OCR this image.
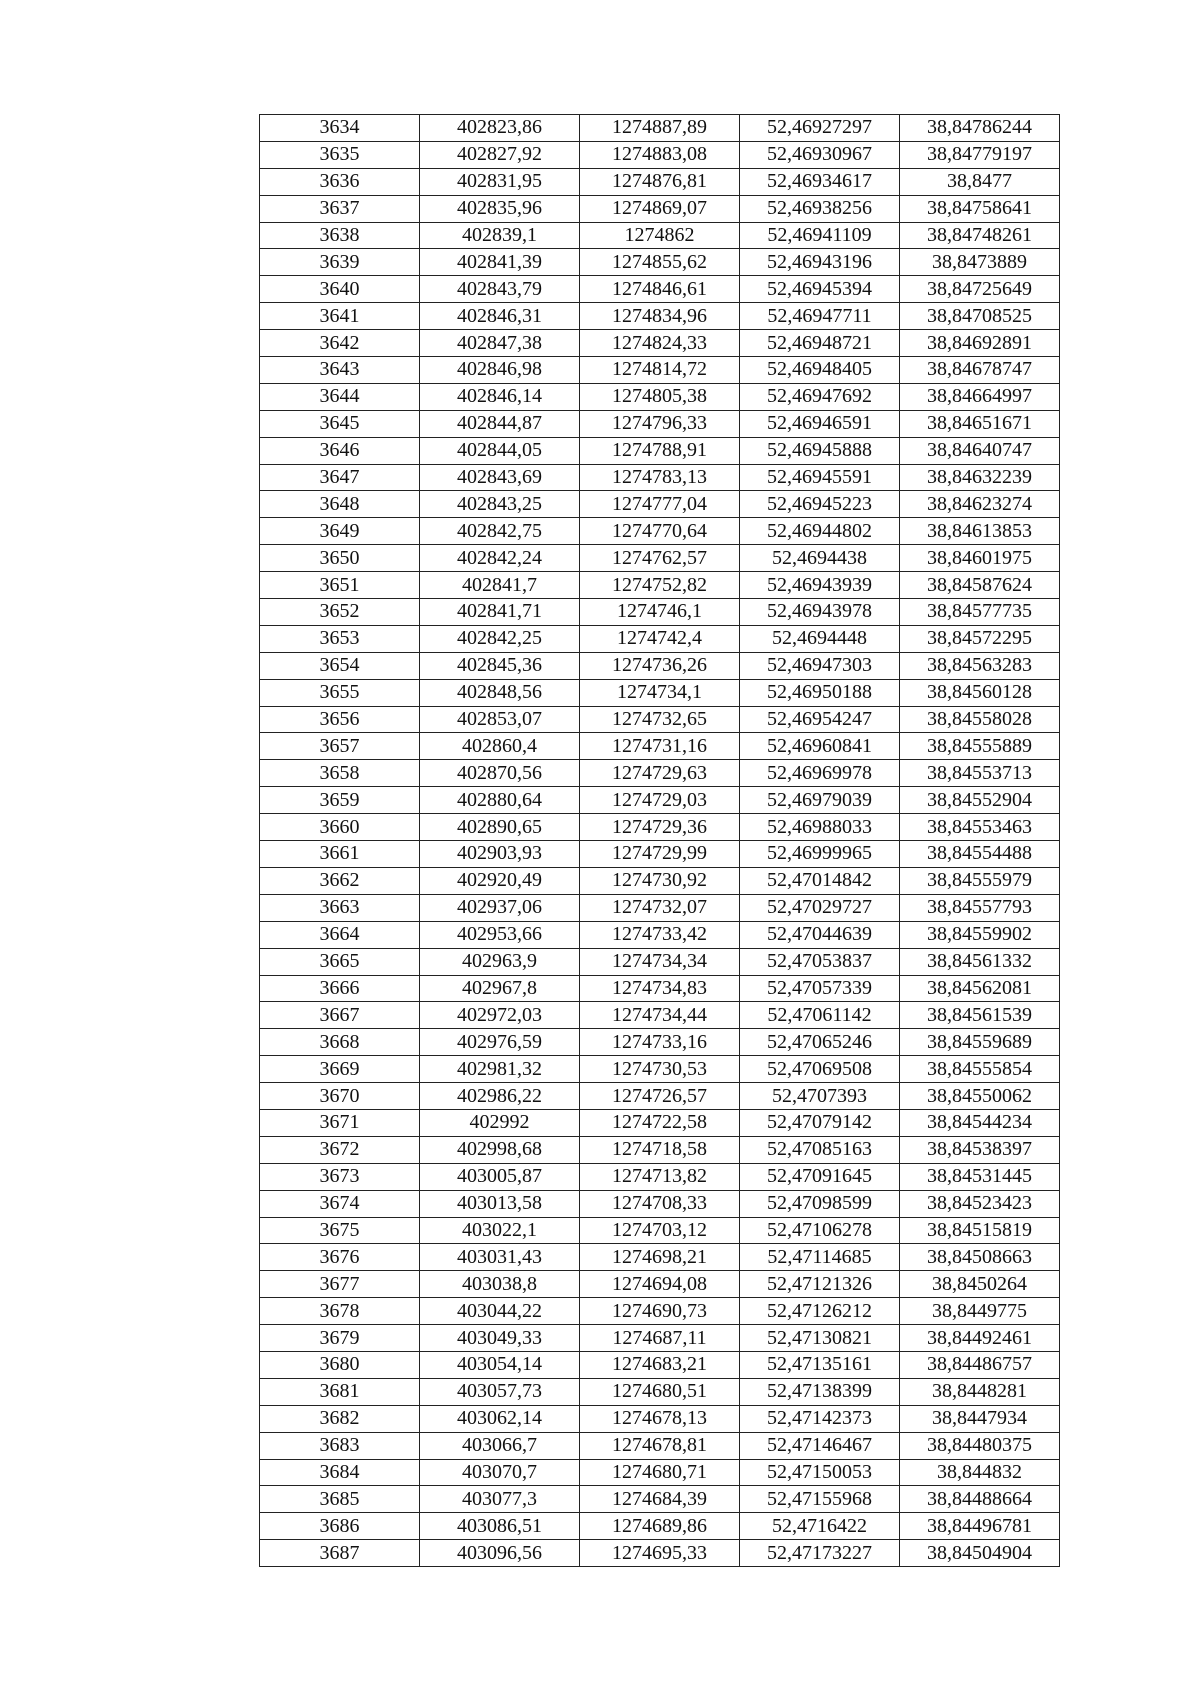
3634	402823,86	1274887,89	52,46927297	38,84786244
3635	402827,92	1274883,08	52,46930967	38,84779197
3636	402831,95	1274876,81	52,46934617	38,8477
3637	402835,96	1274869,07	52,46938256	38,84758641
3638	402839,1	1274862	52,46941109	38,84748261
3639	402841,39	1274855,62	52,46943196	38,8473889
3640	402843,79	1274846,61	52,46945394	38,84725649
3641	402846,31	1274834,96	52,46947711	38,84708525
3642	402847,38	1274824,33	52,46948721	38,84692891
3643	402846,98	1274814,72	52,46948405	38,84678747
3644	402846,14	1274805,38	52,46947692	38,84664997
3645	402844,87	1274796,33	52,46946591	38,84651671
3646	402844,05	1274788,91	52,46945888	38,84640747
3647	402843,69	1274783,13	52,46945591	38,84632239
3648	402843,25	1274777,04	52,46945223	38,84623274
3649	402842,75	1274770,64	52,46944802	38,84613853
3650	402842,24	1274762,57	52,4694438	38,84601975
3651	402841,7	1274752,82	52,46943939	38,84587624
3652	402841,71	1274746,1	52,46943978	38,84577735
3653	402842,25	1274742,4	52,4694448	38,84572295
3654	402845,36	1274736,26	52,46947303	38,84563283
3655	402848,56	1274734,1	52,46950188	38,84560128
3656	402853,07	1274732,65	52,46954247	38,84558028
3657	402860,4	1274731,16	52,46960841	38,84555889
3658	402870,56	1274729,63	52,46969978	38,84553713
3659	402880,64	1274729,03	52,46979039	38,84552904
3660	402890,65	1274729,36	52,46988033	38,84553463
3661	402903,93	1274729,99	52,46999965	38,84554488
3662	402920,49	1274730,92	52,47014842	38,84555979
3663	402937,06	1274732,07	52,47029727	38,84557793
3664	402953,66	1274733,42	52,47044639	38,84559902
3665	402963,9	1274734,34	52,47053837	38,84561332
3666	402967,8	1274734,83	52,47057339	38,84562081
3667	402972,03	1274734,44	52,47061142	38,84561539
3668	402976,59	1274733,16	52,47065246	38,84559689
3669	402981,32	1274730,53	52,47069508	38,84555854
3670	402986,22	1274726,57	52,4707393	38,84550062
3671	402992	1274722,58	52,47079142	38,84544234
3672	402998,68	1274718,58	52,47085163	38,84538397
3673	403005,87	1274713,82	52,47091645	38,84531445
3674	403013,58	1274708,33	52,47098599	38,84523423
3675	403022,1	1274703,12	52,47106278	38,84515819
3676	403031,43	1274698,21	52,47114685	38,84508663
3677	403038,8	1274694,08	52,47121326	38,8450264
3678	403044,22	1274690,73	52,47126212	38,8449775
3679	403049,33	1274687,11	52,47130821	38,84492461
3680	403054,14	1274683,21	52,47135161	38,84486757
3681	403057,73	1274680,51	52,47138399	38,8448281
3682	403062,14	1274678,13	52,47142373	38,8447934
3683	403066,7	1274678,81	52,47146467	38,84480375
3684	403070,7	1274680,71	52,47150053	38,844832
3685	403077,3	1274684,39	52,47155968	38,84488664
3686	403086,51	1274689,86	52,4716422	38,84496781
3687	403096,56	1274695,33	52,47173227	38,84504904
